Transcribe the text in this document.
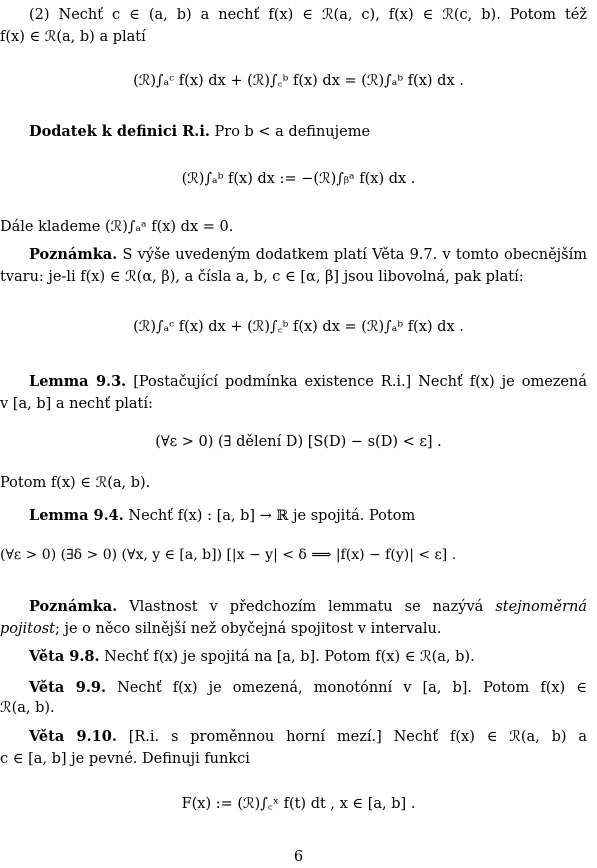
(2) Nechť c ∈ (a, b) a nechť f(x) ∈ ℛ(a, c), f(x) ∈ ℛ(c, b). Potom též
f(x) ∈ ℛ(a, b) a platí
(ℛ)∫ₐᶜ f(x) dx + (ℛ)∫꜀ᵇ f(x) dx = (ℛ)∫ₐᵇ f(x) dx .
Dodatek k definici R.i. Pro b < a definujeme
(ℛ)∫ₐᵇ f(x) dx := −(ℛ)∫ᵦᵃ f(x) dx .
Dále klademe (ℛ)∫ₐᵃ f(x) dx = 0.
Poznámka. S výše uvedeným dodatkem platí Věta 9.7. v tomto obecnějším
tvaru: je-li f(x) ∈ ℛ(α, β), a čísla a, b, c ∈ [α, β] jsou libovolná, pak platí:
(ℛ)∫ₐᶜ f(x) dx + (ℛ)∫꜀ᵇ f(x) dx = (ℛ)∫ₐᵇ f(x) dx .
Lemma 9.3. [Postačující podmínka existence R.i.] Nechť f(x) je omezená
v [a, b] a nechť platí:
(∀ε > 0) (∃ dělení D) [S(D) − s(D) < ε] .
Potom f(x) ∈ ℛ(a, b).
Lemma 9.4. Nechť f(x) : [a, b] → ℝ je spojitá. Potom
(∀ε > 0) (∃δ > 0) (∀x, y ∈ [a, b]) [|x − y| < δ ⟹ |f(x) − f(y)| < ε] .
Poznámka. Vlastnost v předchozím lemmatu se nazývá stejnoměrná
pojitost; je o něco silnější než obyčejná spojitost v intervalu.
Věta 9.8. Nechť f(x) je spojitá na [a, b]. Potom f(x) ∈ ℛ(a, b).
Věta 9.9. Nechť f(x) je omezená, monotónní v [a, b]. Potom f(x) ∈
ℛ(a, b).
Věta 9.10. [R.i. s proměnnou horní mezí.] Nechť f(x) ∈ ℛ(a, b) a
c ∈ [a, b] je pevné. Definuji funkci
F(x) := (ℛ)∫꜀ˣ f(t) dt , x ∈ [a, b] .
6
